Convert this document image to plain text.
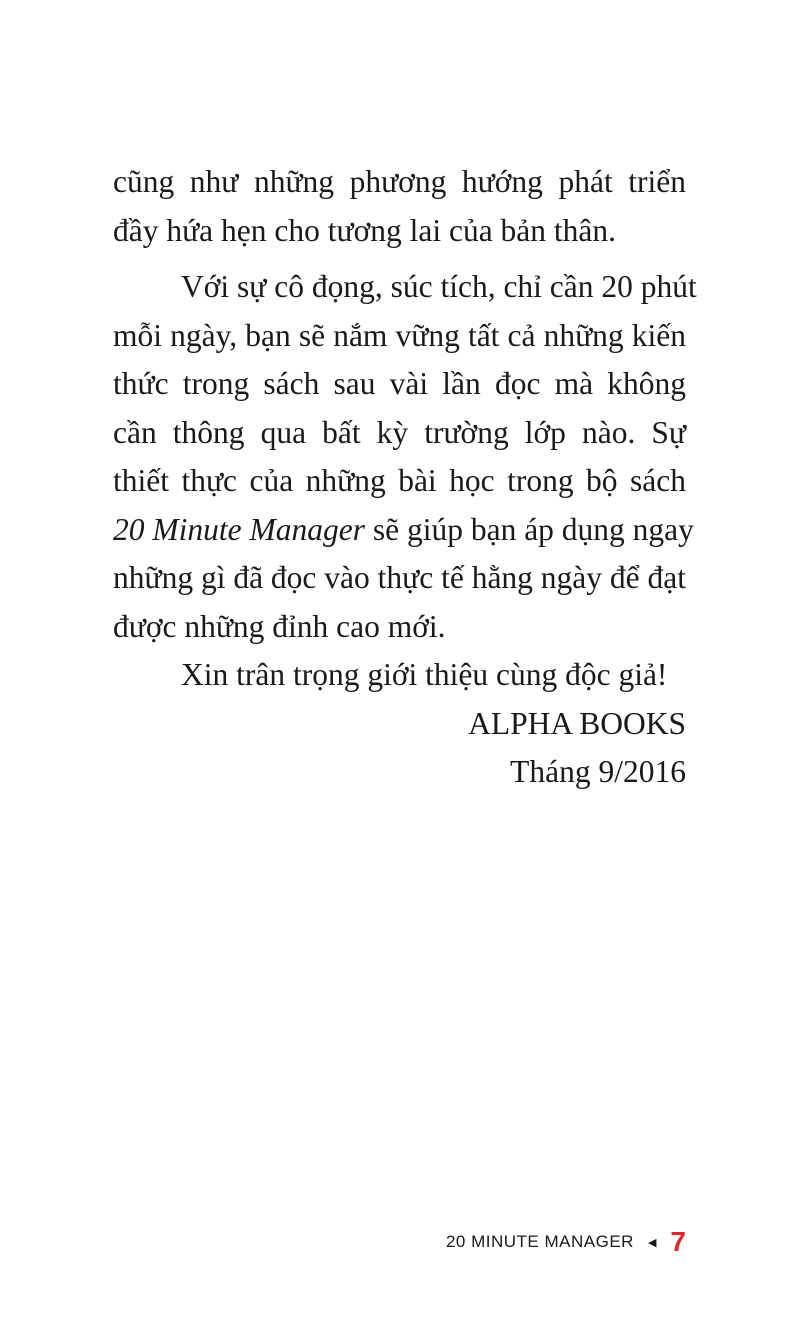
cũng như những phương hướng phát triển
đầy hứa hẹn cho tương lai của bản thân.

Với sự cô đọng, súc tích, chỉ cần 20 phút
mỗi ngày, bạn sẽ nắm vững tất cả những kiến
thức trong sách sau vài lần đọc mà không
cần thông qua bất kỳ trường lớp nào. Sự
thiết thực của những bài học trong bộ sách
20 Minute Manager sẽ giúp bạn áp dụng ngay
những gì đã đọc vào thực tế hằng ngày để đạt
được những đỉnh cao mới.

Xin trân trọng giới thiệu cùng độc giả!

ALPHA BOOKS

Tháng 9/2016

20 MINUTE MANAGER ◀ 7
